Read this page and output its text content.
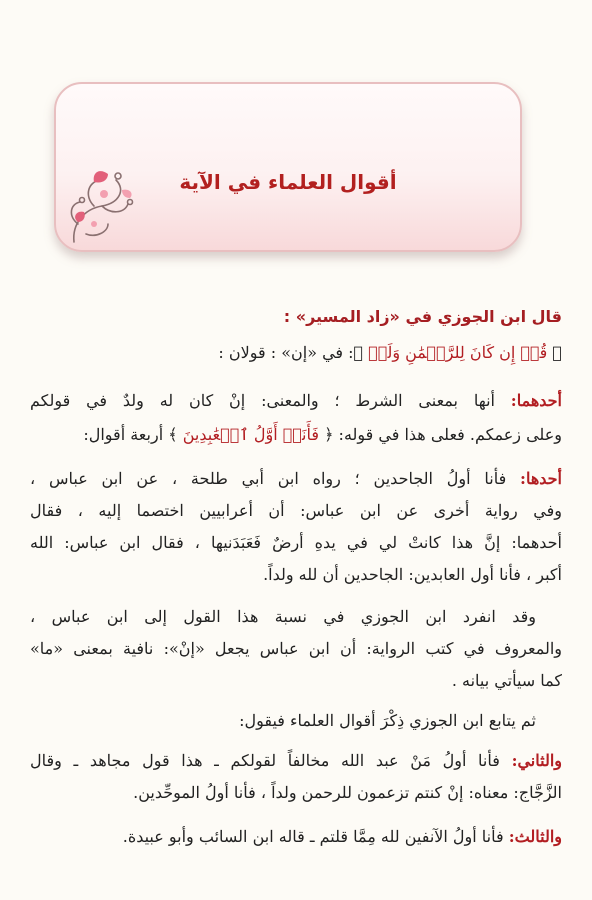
أقوال العلماء في الآية
قال ابن الجوزي في «زاد المسير» :
﴿ قُلۡ إِن كَانَ لِلرَّحۡمَٰنِ وَلَدٞ ﴾: في «إن» : قولان :
أحدهما: أنها بمعنى الشرط ؛ والمعنى: إنْ كان له ولدٌ في قولكم
وعلى زعمكم. فعلى هذا في قوله: ﴿ فَأَنَا۠ أَوَّلُ ٱلۡعَٰبِدِينَ ﴾ أربعة أقوال:
أحدها: فأنا أولُ الجاحدين ؛ رواه ابن أبي طلحة ، عن ابن عباس ،
وفي رواية أخرى عن ابن عباس: أن أعرابيين اختصما إليه ، فقال
أحدهما: إنَّ هذا كانتْ لي في يدهِ أرضٌ فَعَبَدَنيها ، فقال ابن عباس: الله
أكبر ، فأنا أول العابدين: الجاحدين أن لله ولداً.
وقد انفرد ابن الجوزي في نسبة هذا القول إلى ابن عباس ،
والمعروف في كتب الرواية: أن ابن عباس يجعل «إنْ»: نافية بمعنى «ما»
كما سيأتي بيانه .
ثم يتابع ابن الجوزي ذِكْرَ أقوال العلماء فيقول:
والثاني: فأنا أولُ مَنْ عبد الله مخالفاً لقولكم ـ هذا قول مجاهد ـ وقال
الزَّجَّاج: معناه: إنْ كنتم تزعمون للرحمن ولداً ، فأنا أولُ الموحِّدين.
والثالث: فأنا أولُ الآنفين لله مِمَّا قلتم ـ قاله ابن السائب وأبو عبيدة.
